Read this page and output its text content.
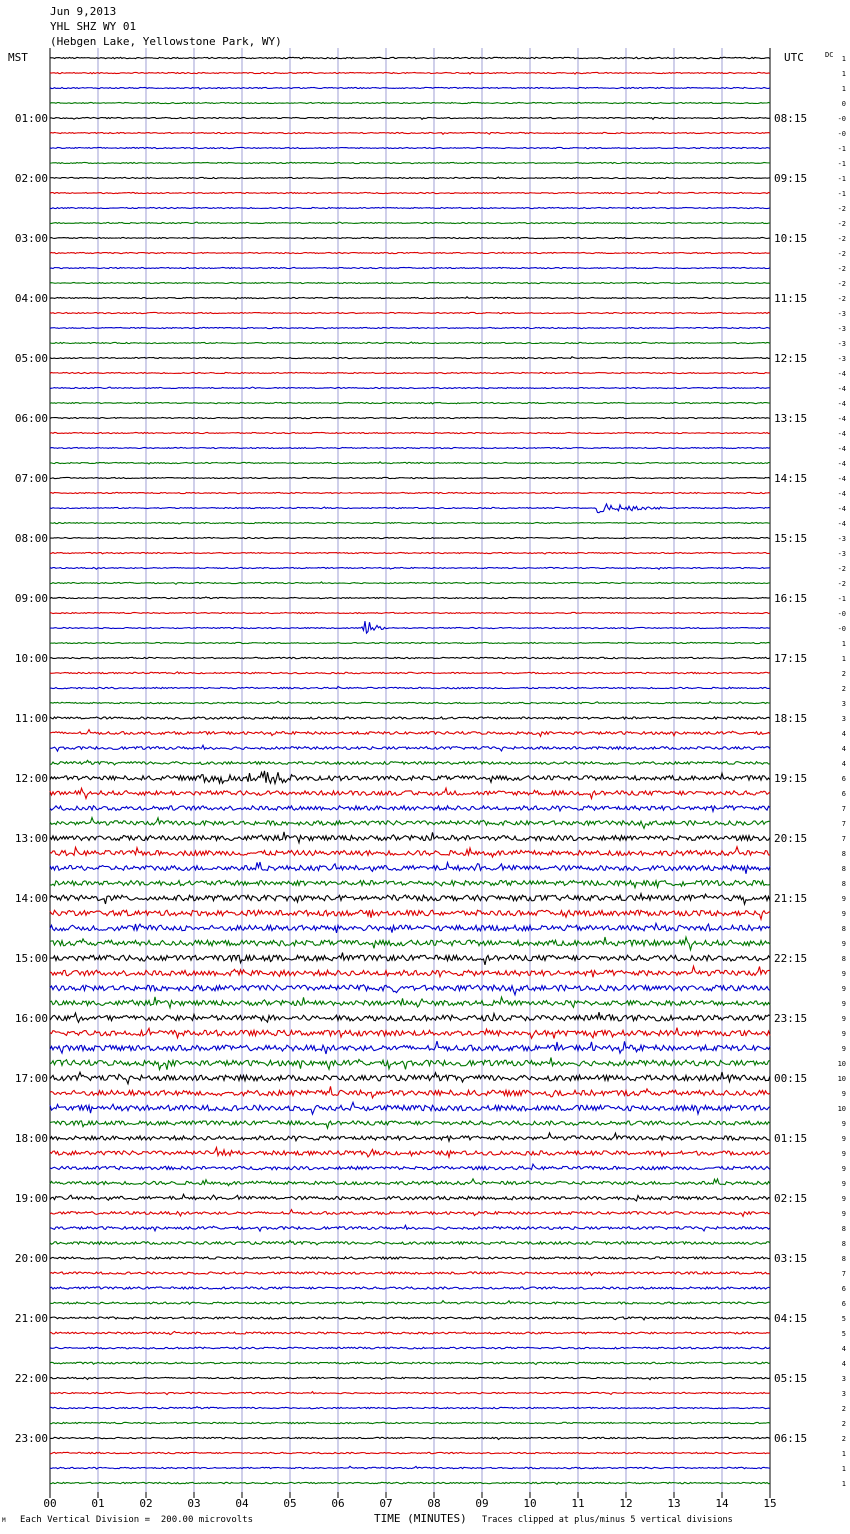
01:00
02:00
03:00
04:00
05:00
06:00
07:00
08:00
09:00
10:00
11:00
12:00
13:00
14:00
15:00
16:00
17:00
18:00
19:00
20:00
21:00
22:00
23:00
08:15
09:15
10:15
11:15
12:15
13:15
14:15
15:15
16:15
17:15
18:15
19:15
20:15
21:15
22:15
23:15
00:15
01:15
02:15
03:15
04:15
05:15
06:15
1
1
1
0
-0
-0
-1
-1
-1
-1
-2
-2
-2
-2
-2
-2
-2
-3
-3
-3
-3
-4
-4
-4
-4
-4
-4
-4
-4
-4
-4
-4
-3
-3
-2
-2
-1
-0
-0
1
1
2
2
3
3
4
4
4
6
6
7
7
7
8
8
8
9
9
8
9
8
9
9
9
9
9
9
10
10
9
10
9
9
9
9
9
9
9
8
8
8
7
6
6
5
5
4
4
3
3
2
2
2
1
1
1
00	01	02	03	04	05	06	07	08	09	10	11	12	13	14	15
MST	UTC	DC
Jun 9,2013
YHL SHZ WY 01
(Hebgen Lake, Yellowstone Park, WY)
M Each Vertical Division =  200.00 microvolts	TIME (MINUTES) Traces clipped at plus/minus 5 vertical divisions
